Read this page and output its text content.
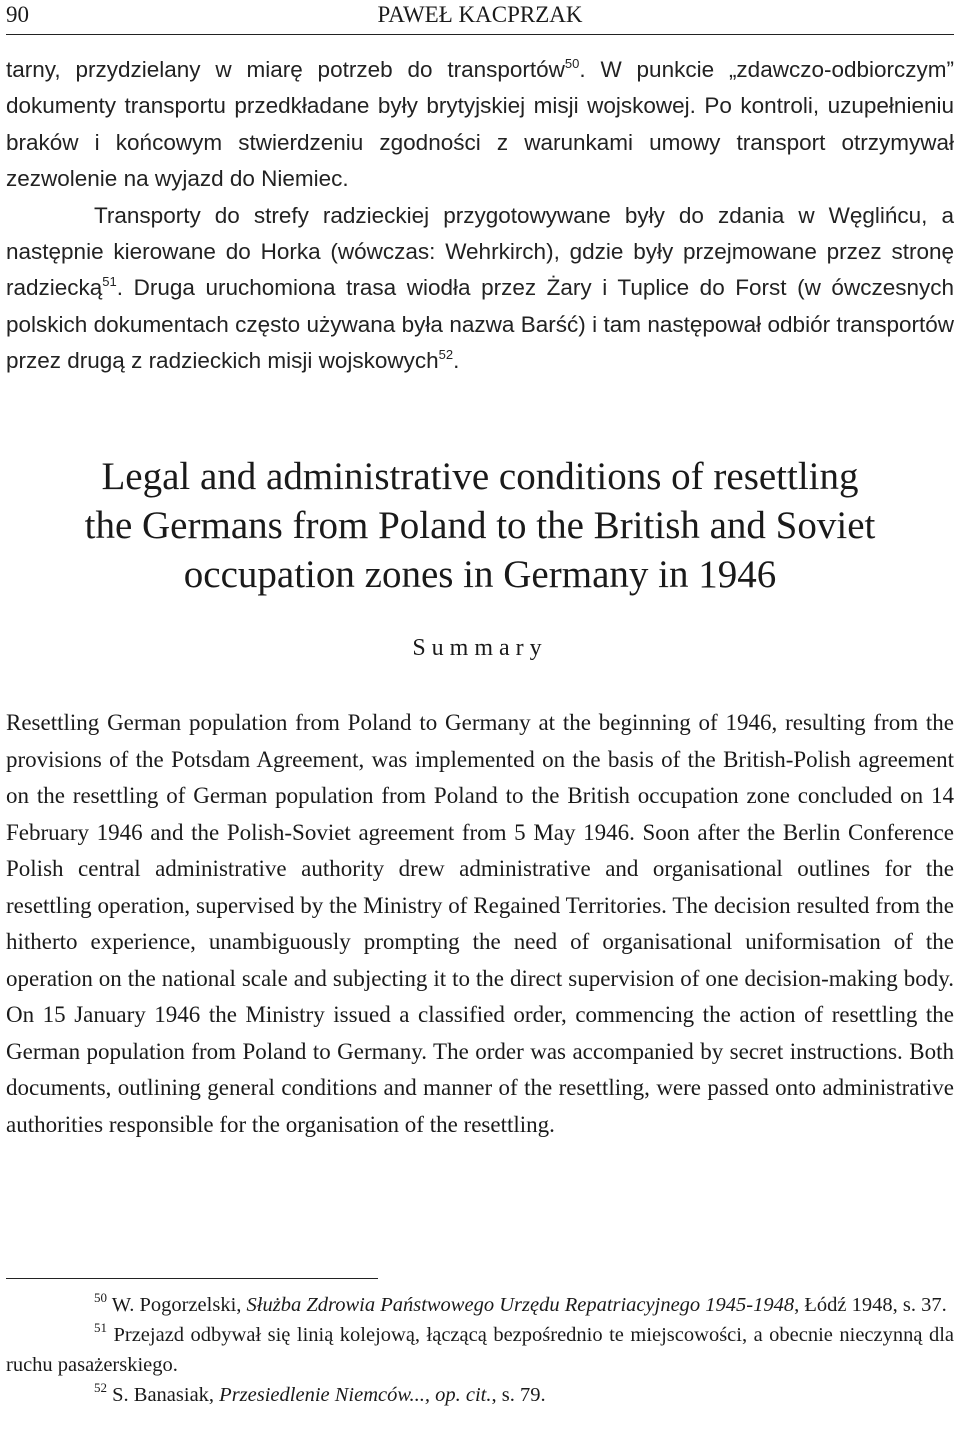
90	PAWEŁ KACPRZAK

tarny, przydzielany w miarę potrzeb do transportów$^{50}$. W punkcie „zdawczo-odbiorczym” dokumenty transportu przedkładane były brytyjskiej misji wojskowej. Po kontroli, uzupełnieniu braków i końcowym stwierdzeniu zgodności z warunkami umowy transport otrzymywał zezwolenie na wyjazd do Niemiec.

Transporty do strefy radzieckiej przygotowywane były do zdania w Węglińcu, a następnie kierowane do Horka (wówczas: Wehrkirch), gdzie były przejmowane przez stronę radziecką$^{51}$. Druga uruchomiona trasa wiodła przez Żary i Tuplice do Forst (w ówczesnych polskich dokumentach często używana była nazwa Barść) i tam następował odbiór transportów przez drugą z radzieckich misji wojskowych$^{52}$.

Legal and administrative conditions of resettling
the Germans from Poland to the British and Soviet
occupation zones in Germany in 1946
Summary

Resettling German population from Poland to Germany at the beginning of 1946, resulting from the provisions of the Potsdam Agreement, was implemented on the basis of the British-Polish agreement on the resettling of German population from Poland to the British occupation zone concluded on 14 February 1946 and the Polish-Soviet agreement from 5 May 1946. Soon after the Berlin Conference Polish central administrative authority drew administrative and organisational outlines for the resettling operation, supervised by the Ministry of Regained Territories. The decision resulted from the hitherto experience, unambiguously prompting the need of organisational uniformisation of the operation on the national scale and subjecting it to the direct supervision of one decision-making body. On 15 January 1946 the Ministry issued a classified order, commencing the action of resettling the German population from Poland to Germany. The order was accompanied by secret instructions. Both documents, outlining general conditions and manner of the resettling, were passed onto administrative authorities responsible for the organisation of the resettling.

$^{50}$ W. Pogorzelski, Służba Zdrowia Państwowego Urzędu Repatriacyjnego 1945-1948, Łódź 1948, s. 37.

$^{51}$ Przejazd odbywał się linią kolejową, łączącą bezpośrednio te miejscowości, a obecnie nieczynną dla ruchu pasażerskiego.

$^{52}$ S. Banasiak, Przesiedlenie Niemców..., op. cit., s. 79.
